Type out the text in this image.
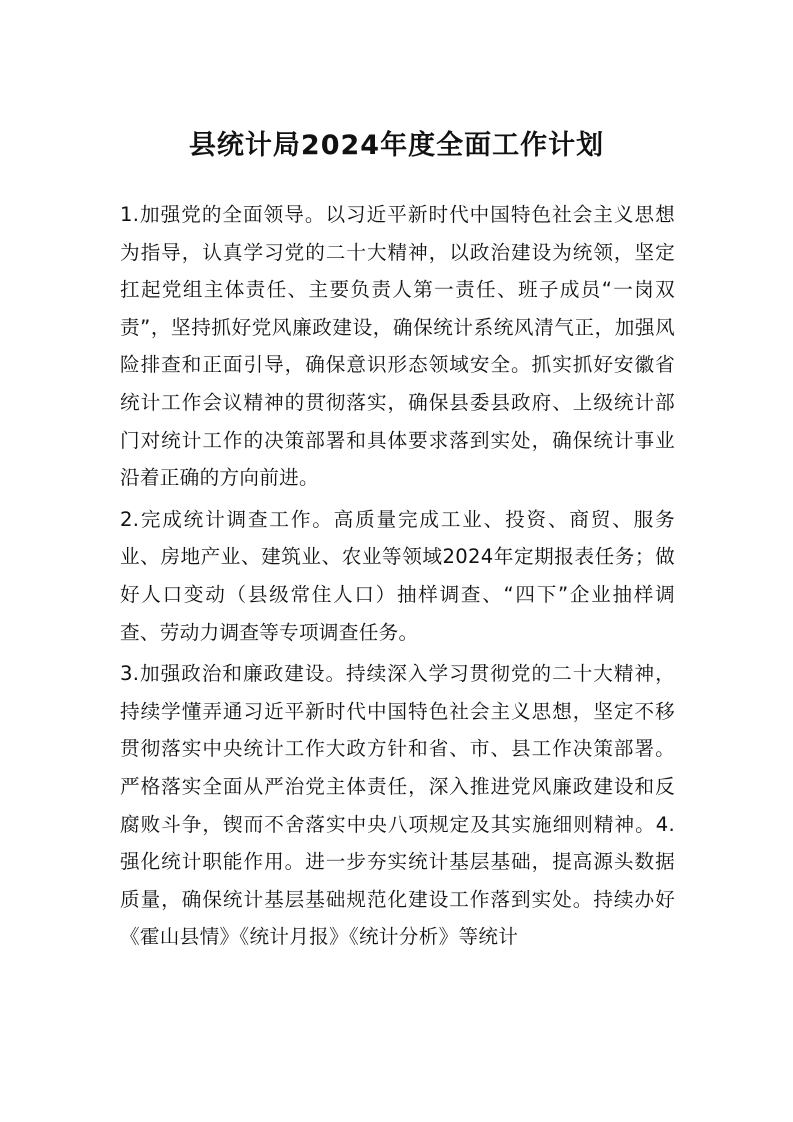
县统计局2024年度全面工作计划

1.加强党的全面领导。以习近平新时代中国特色社会主义思想为指导，认真学习党的二十大精神，以政治建设为统领，坚定扛起党组主体责任、主要负责人第一责任、班子成员“一岗双责”，坚持抓好党风廉政建设，确保统计系统风清气正，加强风险排查和正面引导，确保意识形态领域安全。抓实抓好安徽省统计工作会议精神的贯彻落实，确保县委县政府、上级统计部门对统计工作的决策部署和具体要求落到实处，确保统计事业沿着正确的方向前进。

2.完成统计调查工作。高质量完成工业、投资、商贸、服务业、房地产业、建筑业、农业等领域2024年定期报表任务；做好人口变动（县级常住人口）抽样调查、“四下”企业抽样调查、劳动力调查等专项调查任务。

3.加强政治和廉政建设。持续深入学习贯彻党的二十大精神，持续学懂弄通习近平新时代中国特色社会主义思想，坚定不移贯彻落实中央统计工作大政方针和省、市、县工作决策部署。严格落实全面从严治党主体责任，深入推进党风廉政建设和反腐败斗争，锲而不舍落实中央八项规定及其实施细则精神。4.强化统计职能作用。进一步夯实统计基层基础，提高源头数据质量，确保统计基层基础规范化建设工作落到实处。持续办好《霍山县情》《统计月报》《统计分析》等统计
